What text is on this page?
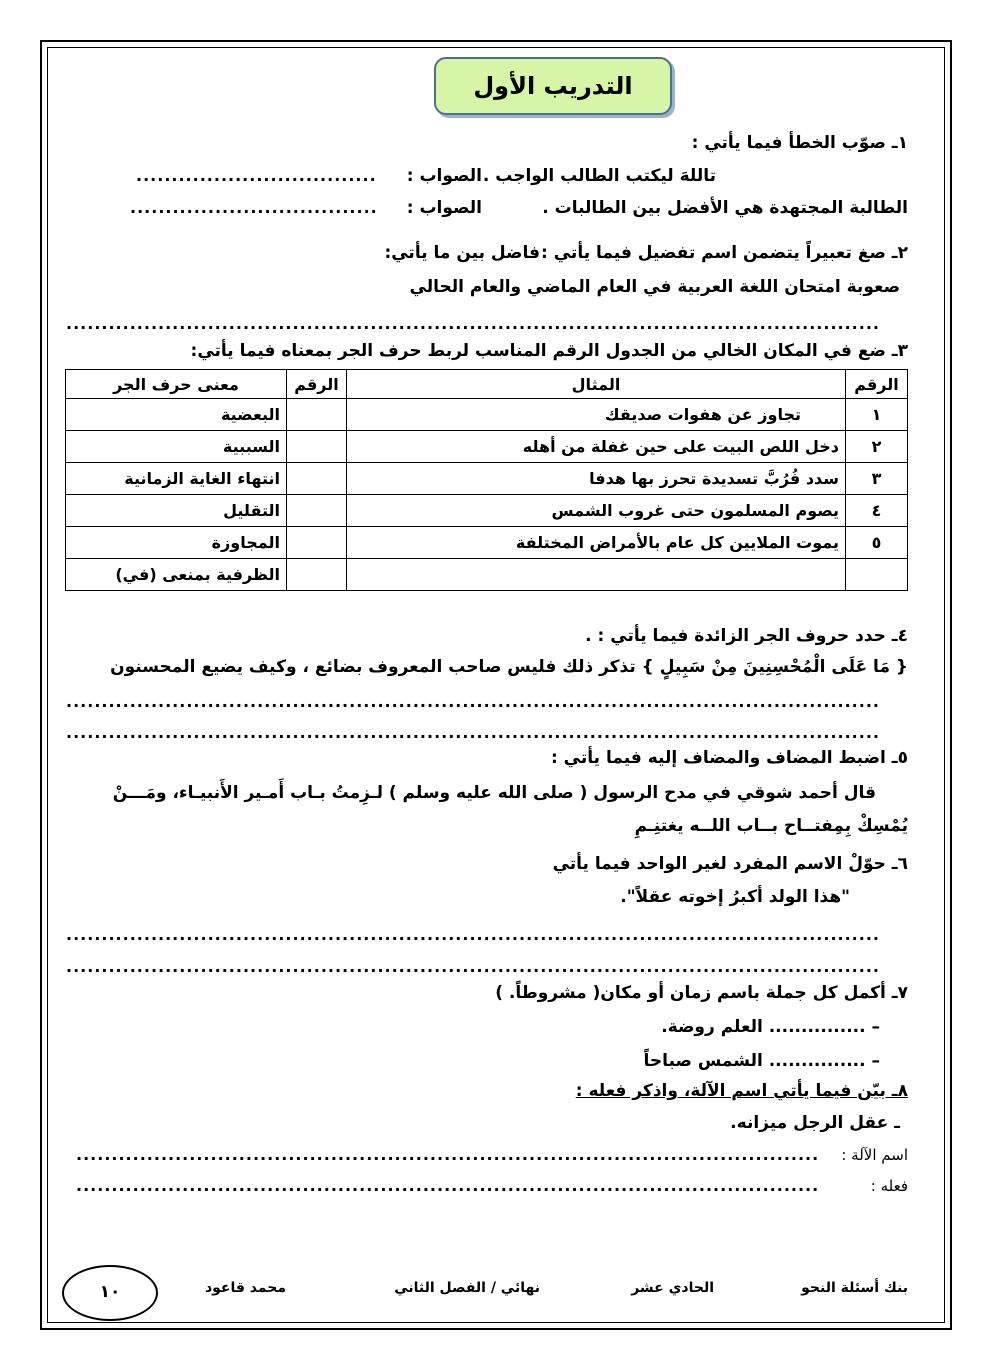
التدريب الأول
١ـ صوّب الخطأ فيما يأتي :
تاللهَ ليكتب الطالب الواجب .
الصواب :
..................................
الطالبة المجتهدة هي الأفضل بين الطالبات .
الصواب :
...................................
٢ـ صغ تعبيراً يتضمن اسم تفضيل فيما يأتي :
فاضل بين ما يأتي:
صعوبة امتحان اللغة العربية في العام الماضي والعام الحالي
...................................................................................................................
٣ـ ضع في المكان الخالي من الجدول الرقم المناسب لربط حرف الجر بمعناه فيما يأتي:
الرقم	المثال	الرقم	معنى حرف الجر
١	تجاوز عن هفوات صديقك		البعضية
٢	دخل اللص البيت على حين غفلة من أهله		السببية
٣	سدد فُرُبَّ تسديدة تحرز بها هدفا		انتهاء الغاية الزمانية
٤	يصوم المسلمون حتى غروب الشمس		التقليل
٥	يموت الملايين كل عام بالأمراض المختلفة		المجاوزة
			الظرفية بمنعى (في)
٤ـ حدد حروف الجر الزائدة فيما يأتي : .
{ مَا عَلَى الْمُحْسِنِينَ مِنْ سَبِيلٍ } تذكر ذلك فليس صاحب المعروف بضائع ، وكيف يضيع المحسنون
...................................................................................................................
...................................................................................................................
٥ـ اضبط المضاف والمضاف إليه فيما يأتي :
قال أحمد شوقي في مدح الرسول ( صلى الله عليه وسلم ) لـزِمتُ بـاب أَمـير الأَنبيـاء، ومَـــنْ
يُمْسِكْ بِمِفتــاح بــاب اللــه يغتنِـمِ
٦ـ حوّلْ الاسم المفرد لغير الواحد فيما يأتي
"هذا الولد أكبرُ إخوته عقلاً".
...................................................................................................................
...................................................................................................................
٧ـ أكمل كل جملة باسم زمان أو مكان( مشروطاً. )
– ............... العلم روضة.
– ............... الشمس صباحاً
٨ـ بيّن فيما يأتي اسم الآلة، واذكر فعله :
ـ عقل الرجل ميزانه.
اسم الآلة :
.........................................................................................................
فعله :
.........................................................................................................
بنك أسئلة النحو
الحادي عشر
نهائي / الفصل الثاني
محمد قاعود
١٠
